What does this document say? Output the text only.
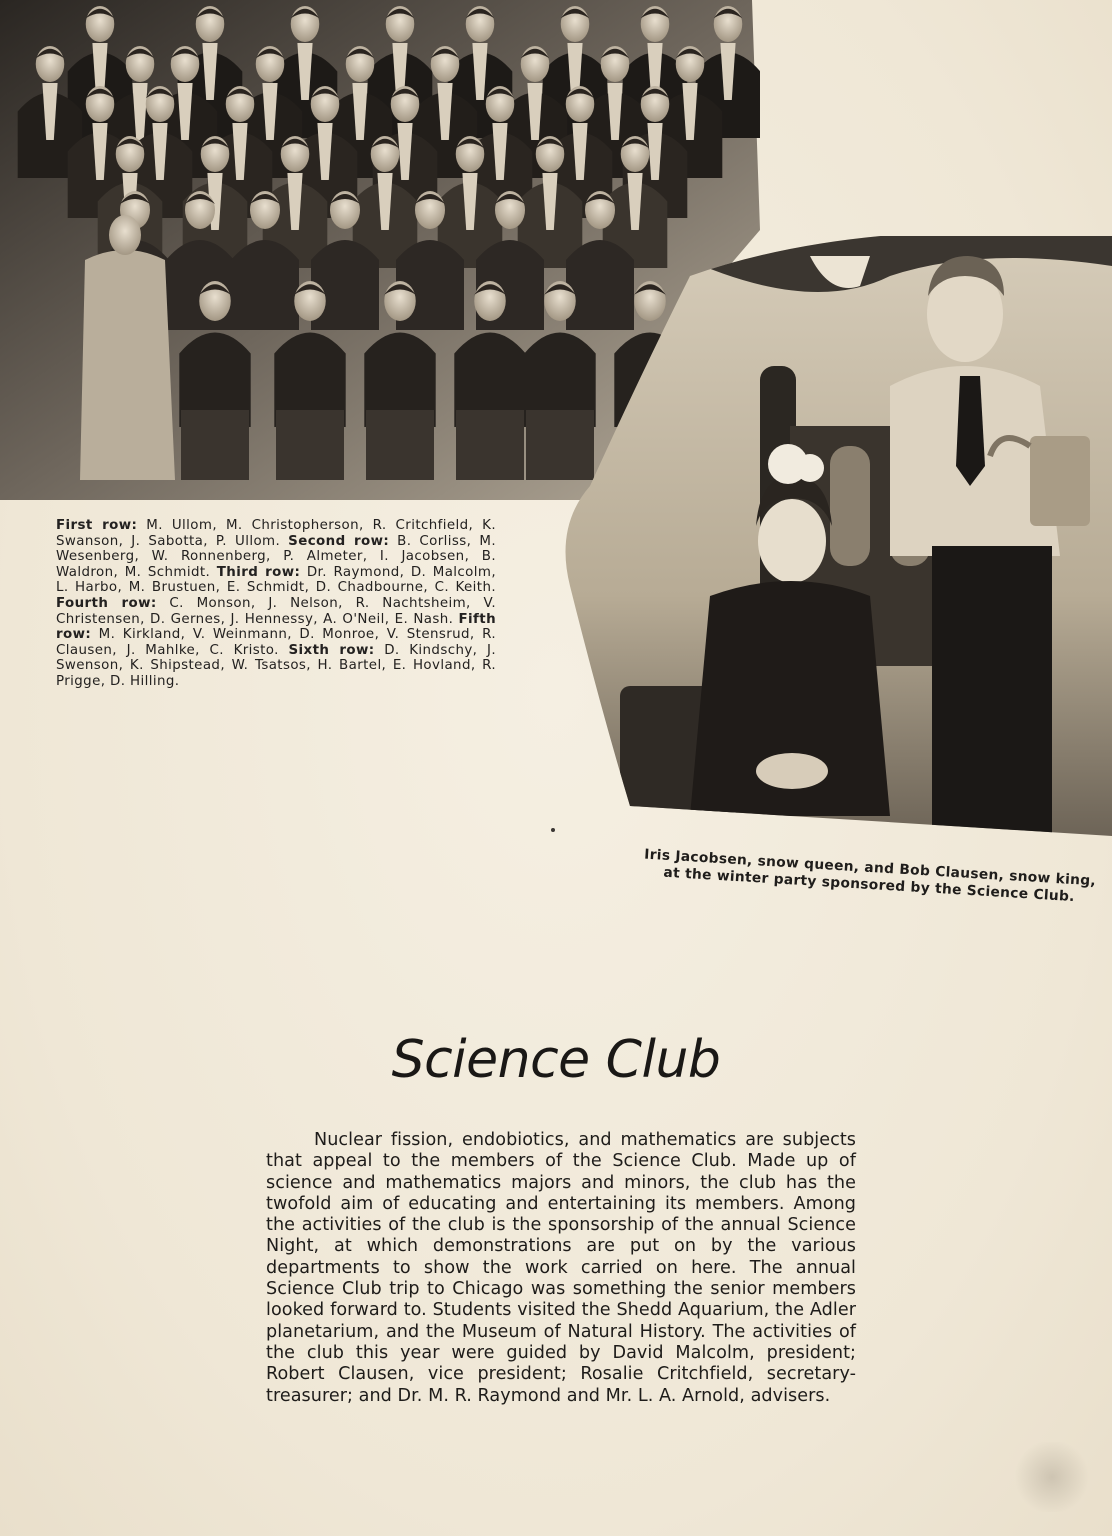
First row: M. Ullom, M. Christopherson, R. Critchfield, K. Swanson, J. Sabotta, P. Ullom. Second row: B. Corliss, M. Wesenberg, W. Ronnenberg, P. Almeter, I. Jacobsen, B. Waldron, M. Schmidt. Third row: Dr. Raymond, D. Malcolm, L. Harbo, M. Brustuen, E. Schmidt, D. Chadbourne, C. Keith. Fourth row: C. Monson, J. Nelson, R. Nachtsheim, V. Christensen, D. Gernes, J. Hennessy, A. O'Neil, E. Nash. Fifth row: M. Kirkland, V. Weinmann, D. Monroe, V. Stensrud, R. Clausen, J. Mahlke, C. Kristo. Sixth row: D. Kindschy, J. Swenson, K. Shipstead, W. Tsatsos, H. Bartel, E. Hovland, R. Prigge, D. Hilling.
Iris Jacobsen, snow queen, and Bob Clausen, snow king, at the winter party sponsored by the Science Club.
Science Club

Nuclear fission, endobiotics, and mathematics are subjects that appeal to the members of the Science Club. Made up of science and mathematics majors and minors, the club has the twofold aim of educating and entertaining its members. Among the activities of the club is the sponsorship of the annual Science Night, at which demonstrations are put on by the various departments to show the work carried on here. The annual Science Club trip to Chicago was something the senior members looked forward to. Students visited the Shedd Aquarium, the Adler planetarium, and the Museum of Natural History. The activities of the club this year were guided by David Malcolm, president; Robert Clausen, vice president; Rosalie Critchfield, secretary-treasurer; and Dr. M. R. Raymond and Mr. L. A. Arnold, advisers.
